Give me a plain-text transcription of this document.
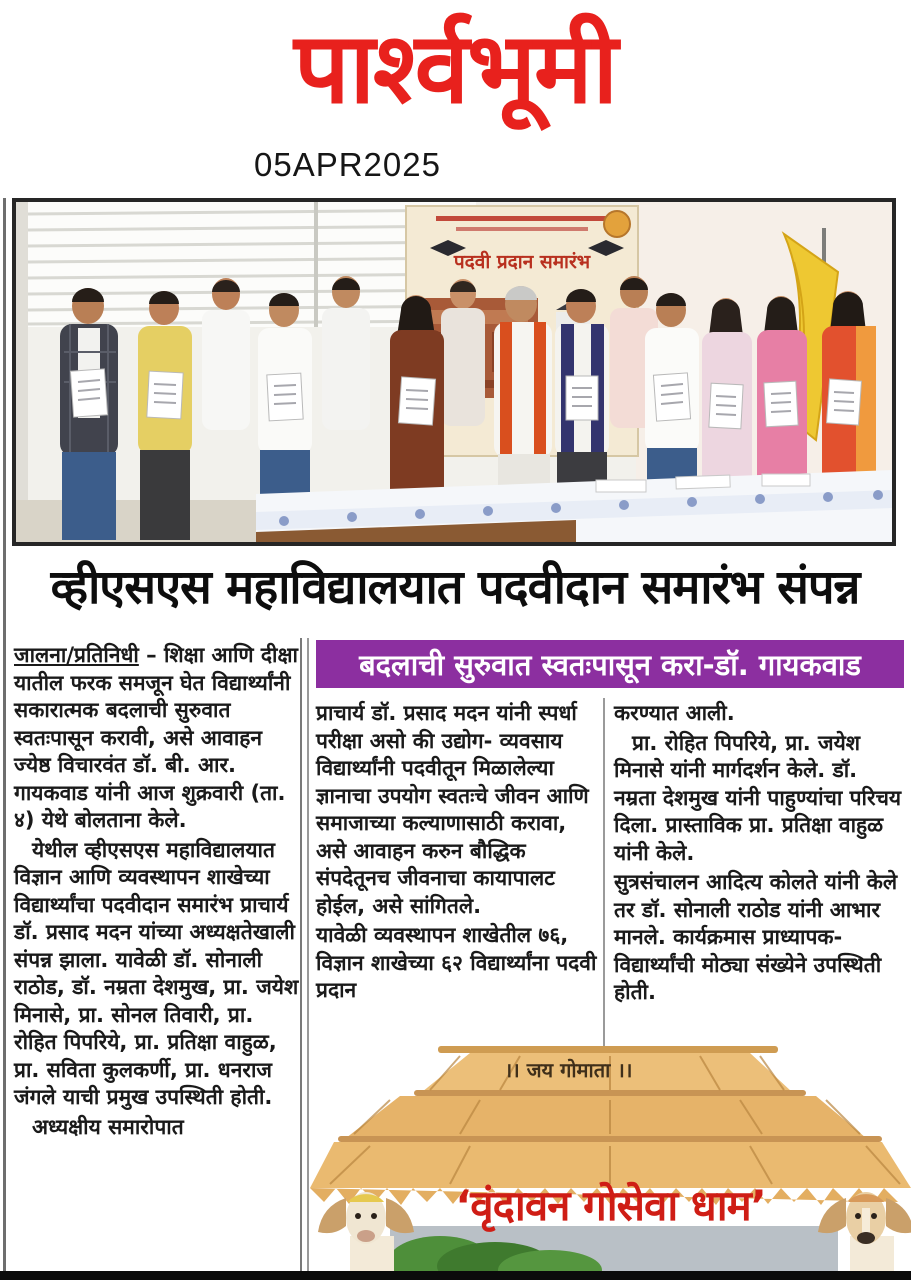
पार्श्वभूमी
05APR2025
पदवी प्रदान समारंभ
व्हीएसएस महाविद्यालयात पदवीदान समारंभ संपन्न
बदलाची सुरुवात स्वतःपासून करा-डॉ. गायकवाड

जालना/प्रतिनिधी – शिक्षा आणि दीक्षा यातील फरक समजून घेत विद्यार्थ्यांनी सकारात्मक बदलाची सुरुवात स्वतःपासून करावी, असे आवाहन ज्येष्ठ विचारवंत डॉ. बी. आर. गायकवाड यांनी आज शुक्रवारी (ता. ४) येथे बोलताना केले.

येथील व्हीएसएस महाविद्यालयात विज्ञान आणि व्यवस्थापन शाखेच्या विद्यार्थ्यांचा पदवीदान समारंभ प्राचार्य डॉ. प्रसाद मदन यांच्या अध्यक्षतेखाली संपन्न झाला. यावेळी डॉ. सोनाली राठोड, डॉ. नम्रता देशमुख, प्रा. जयेश मिनासे, प्रा. सोनल तिवारी, प्रा. रोहित पिपरिये, प्रा. प्रतिक्षा वाहुळ, प्रा. सविता कुलकर्णी, प्रा. धनराज जंगले याची प्रमुख उपस्थिती होती.

अध्यक्षीय समारोपात

प्राचार्य डॉ. प्रसाद मदन यांनी स्पर्धा परीक्षा असो की उद्योग- व्यवसाय विद्यार्थ्यांनी पदवीतून मिळालेल्या ज्ञानाचा उपयोग स्वतःचे जीवन आणि समाजाच्या कल्याणासाठी करावा, असे आवाहन करुन बौद्धिक संपदेतूनच जीवनाचा कायापालट होईल, असे सांगितले.

यावेळी व्यवस्थापन शाखेतील ७६, विज्ञान शाखेच्या ६२ विद्यार्थ्यांना पदवी प्रदान

करण्यात आली.

प्रा. रोहित पिपरिये, प्रा. जयेश मिनासे यांनी मार्गदर्शन केले. डॉ. नम्रता देशमुख यांनी पाहुण्यांचा परिचय दिला. प्रास्ताविक प्रा. प्रतिक्षा वाहुळ यांनी केले.

सुत्रसंचालन आदित्य कोलते यांनी केले तर डॉ. सोनाली राठोड यांनी आभार मानले. कार्यक्रमास प्राध्यापक-विद्यार्थ्यांची मोठ्या संख्येने उपस्थिती होती.

।। जय गोमाता ।।
‘वृंदावन गोसेवा धाम’
